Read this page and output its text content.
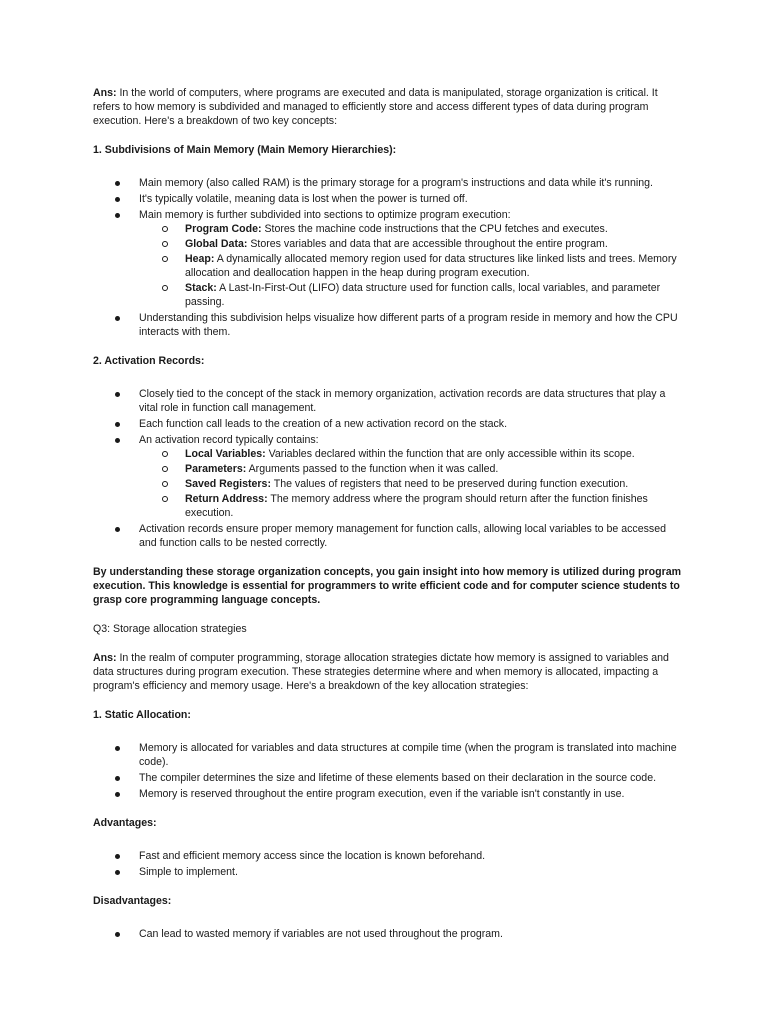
Ans: In the world of computers, where programs are executed and data is manipulated, storage organization is critical. It refers to how memory is subdivided and managed to efficiently store and access different types of data during program execution. Here's a breakdown of two key concepts:

1. Subdivisions of Main Memory (Main Memory Hierarchies):

Main memory (also called RAM) is the primary storage for a program's instructions and data while it's running.
It's typically volatile, meaning data is lost when the power is turned off.
Main memory is further subdivided into sections to optimize program execution:
Program Code: Stores the machine code instructions that the CPU fetches and executes.
Global Data: Stores variables and data that are accessible throughout the entire program.
Heap: A dynamically allocated memory region used for data structures like linked lists and trees. Memory allocation and deallocation happen in the heap during program execution.
Stack: A Last-In-First-Out (LIFO) data structure used for function calls, local variables, and parameter passing.
Understanding this subdivision helps visualize how different parts of a program reside in memory and how the CPU interacts with them.

2. Activation Records:

Closely tied to the concept of the stack in memory organization, activation records are data structures that play a vital role in function call management.
Each function call leads to the creation of a new activation record on the stack.
An activation record typically contains:
Local Variables: Variables declared within the function that are only accessible within its scope.
Parameters: Arguments passed to the function when it was called.
Saved Registers: The values of registers that need to be preserved during function execution.
Return Address: The memory address where the program should return after the function finishes execution.
Activation records ensure proper memory management for function calls, allowing local variables to be accessed and function calls to be nested correctly.

By understanding these storage organization concepts, you gain insight into how memory is utilized during program execution. This knowledge is essential for programmers to write efficient code and for computer science students to grasp core programming language concepts.

Q3: Storage allocation strategies

Ans: In the realm of computer programming, storage allocation strategies dictate how memory is assigned to variables and data structures during program execution. These strategies determine where and when memory is allocated, impacting a program's efficiency and memory usage. Here's a breakdown of the key allocation strategies:

1. Static Allocation:

Memory is allocated for variables and data structures at compile time (when the program is translated into machine code).
The compiler determines the size and lifetime of these elements based on their declaration in the source code.
Memory is reserved throughout the entire program execution, even if the variable isn't constantly in use.

Advantages:

Fast and efficient memory access since the location is known beforehand.
Simple to implement.

Disadvantages:

Can lead to wasted memory if variables are not used throughout the program.
